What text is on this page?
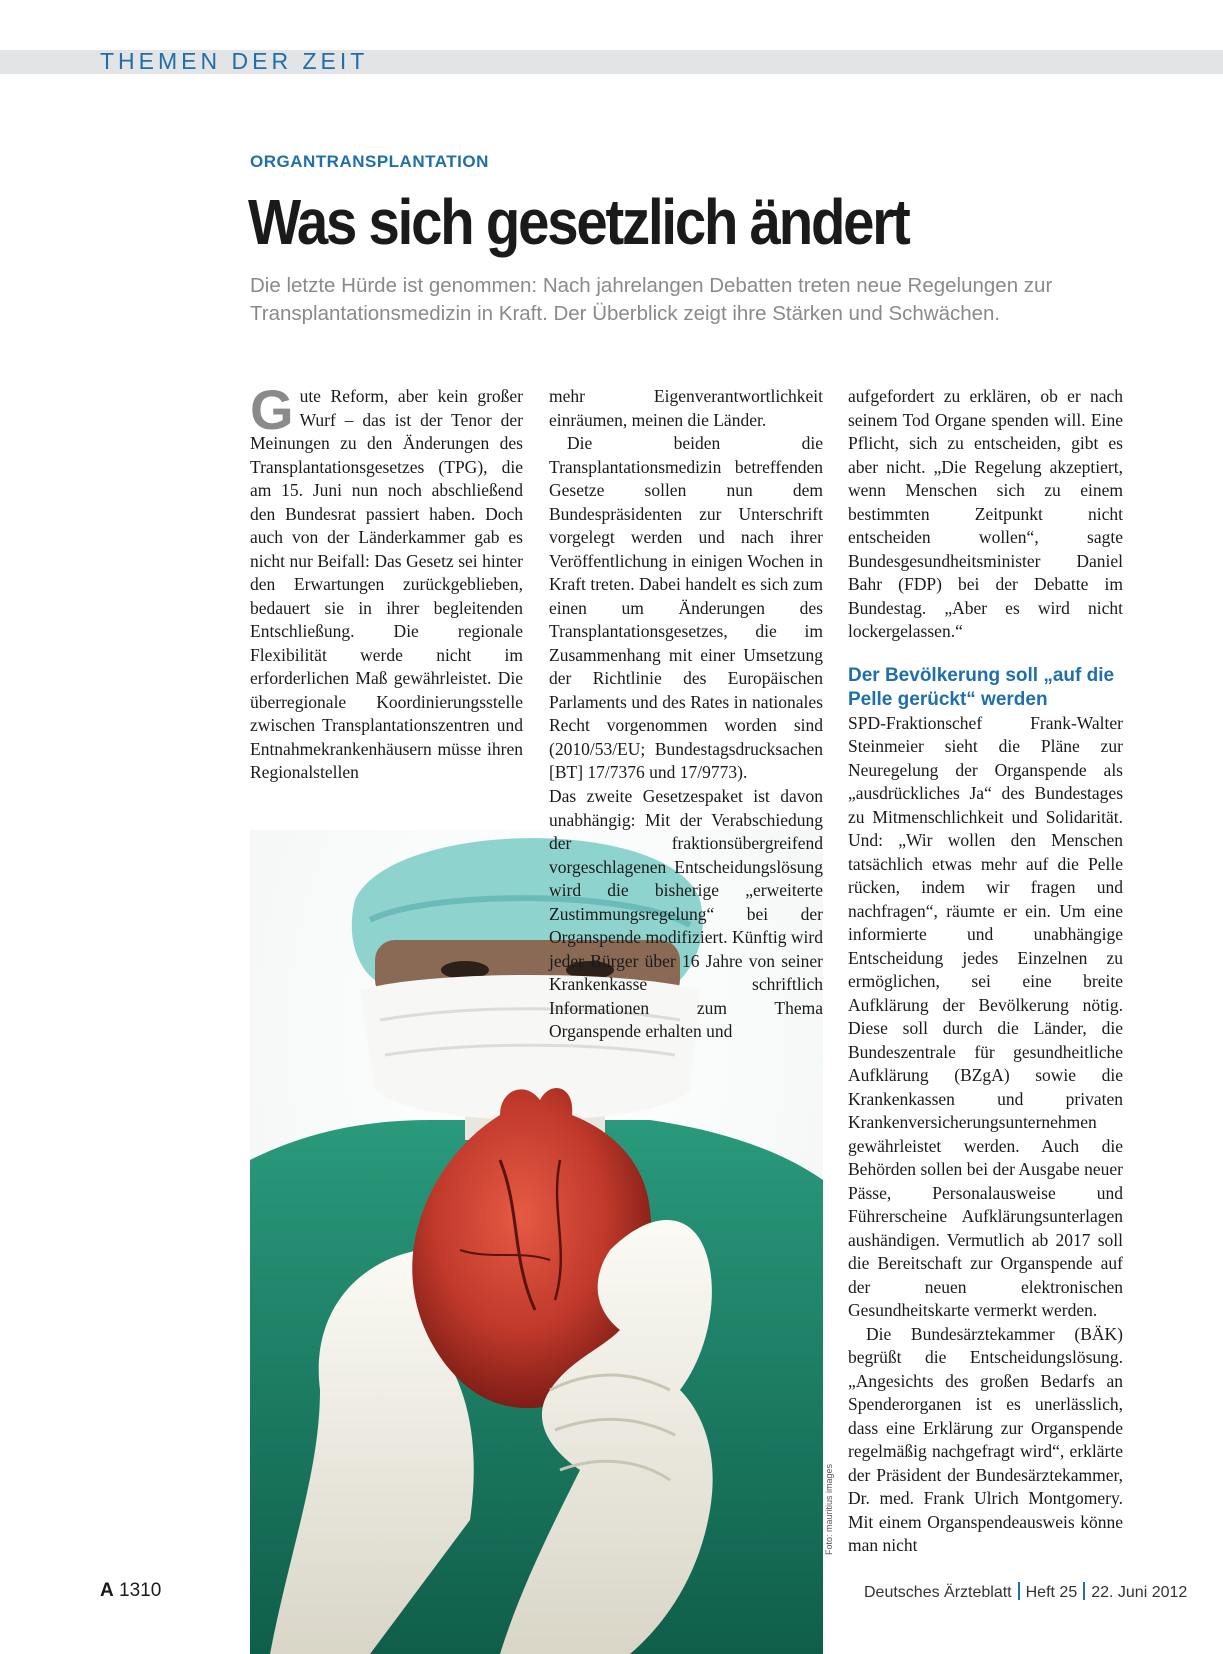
THEMEN DER ZEIT
ORGANTRANSPLANTATION
Was sich gesetzlich ändert
Die letzte Hürde ist genommen: Nach jahrelangen Debatten treten neue Regelungen zur Transplantationsmedizin in Kraft. Der Überblick zeigt ihre Stärken und Schwächen.

Gute Reform, aber kein großer Wurf – das ist der Tenor der Meinungen zu den Änderungen des Transplantationsgesetzes (TPG), die am 15. Juni nun noch abschließend den Bundesrat passiert haben. Doch auch von der Länderkammer gab es nicht nur Beifall: Das Gesetz sei hinter den Erwartungen zurückgeblieben, bedauert sie in ihrer begleitenden Entschließung. Die regionale Flexibilität werde nicht im erforderlichen Maß gewährleistet. Die überregionale Koordinierungsstelle zwischen Transplantationszentren und Entnahmekrankenhäusern müsse ihren Regionalstellen

mehr Eigenverantwortlichkeit einräumen, meinen die Länder.

Die beiden die Transplantationsmedizin betreffenden Gesetze sollen nun dem Bundespräsidenten zur Unterschrift vorgelegt werden und nach ihrer Veröffentlichung in einigen Wochen in Kraft treten. Dabei handelt es sich zum einen um Änderungen des Transplantationsgesetzes, die im Zusammenhang mit einer Umsetzung der Richtlinie des Europäischen Parlaments und des Rates in nationales Recht vorgenommen worden sind (2010/53/EU; Bundestagsdrucksachen [BT] 17/7376 und 17/9773).

Das zweite Gesetzespaket ist davon unabhängig: Mit der Verabschiedung der fraktionsübergreifend vorgeschlagenen Entscheidungslösung wird die bisherige „erweiterte Zustimmungsregelung“ bei der Organspende modifiziert. Künftig wird jeder Bürger über 16 Jahre von seiner Krankenkasse schriftlich Informationen zum Thema Organspende erhalten und

aufgefordert zu erklären, ob er nach seinem Tod Organe spenden will. Eine Pflicht, sich zu entscheiden, gibt es aber nicht. „Die Regelung akzeptiert, wenn Menschen sich zu einem bestimmten Zeitpunkt nicht entscheiden wollen“, sagte Bundesgesundheitsminister Daniel Bahr (FDP) bei der Debatte im Bundestag. „Aber es wird nicht lockergelassen.“

Der Bevölkerung soll „auf die Pelle gerückt“ werden

SPD-Fraktionschef Frank-Walter Steinmeier sieht die Pläne zur Neuregelung der Organspende als „ausdrückliches Ja“ des Bundestages zu Mitmenschlichkeit und Solidarität. Und: „Wir wollen den Menschen tatsächlich etwas mehr auf die Pelle rücken, indem wir fragen und nachfragen“, räumte er ein. Um eine informierte und unabhängige Entscheidung jedes Einzelnen zu ermöglichen, sei eine breite Aufklärung der Bevölkerung nötig. Diese soll durch die Länder, die Bundeszentrale für gesundheitliche Aufklärung (BZgA) sowie die Krankenkassen und privaten Krankenversicherungsunternehmen gewährleistet werden. Auch die Behörden sollen bei der Ausgabe neuer Pässe, Personalausweise und Führerscheine Aufklärungsunterlagen aushändigen. Vermutlich ab 2017 soll die Bereitschaft zur Organspende auf der neuen elektronischen Gesundheitskarte vermerkt werden.

Die Bundesärztekammer (BÄK) begrüßt die Entscheidungslösung. „Angesichts des großen Bedarfs an Spenderorganen ist es unerlässlich, dass eine Erklärung zur Organspende regelmäßig nachgefragt wird“, erklärte der Präsident der Bundesärztekammer, Dr. med. Frank Ulrich Montgomery. Mit einem Organspendeausweis könne man nicht

Foto: mauritius images
A 1310	Deutsches Ärzteblatt Heft 25 22. Juni 2012
